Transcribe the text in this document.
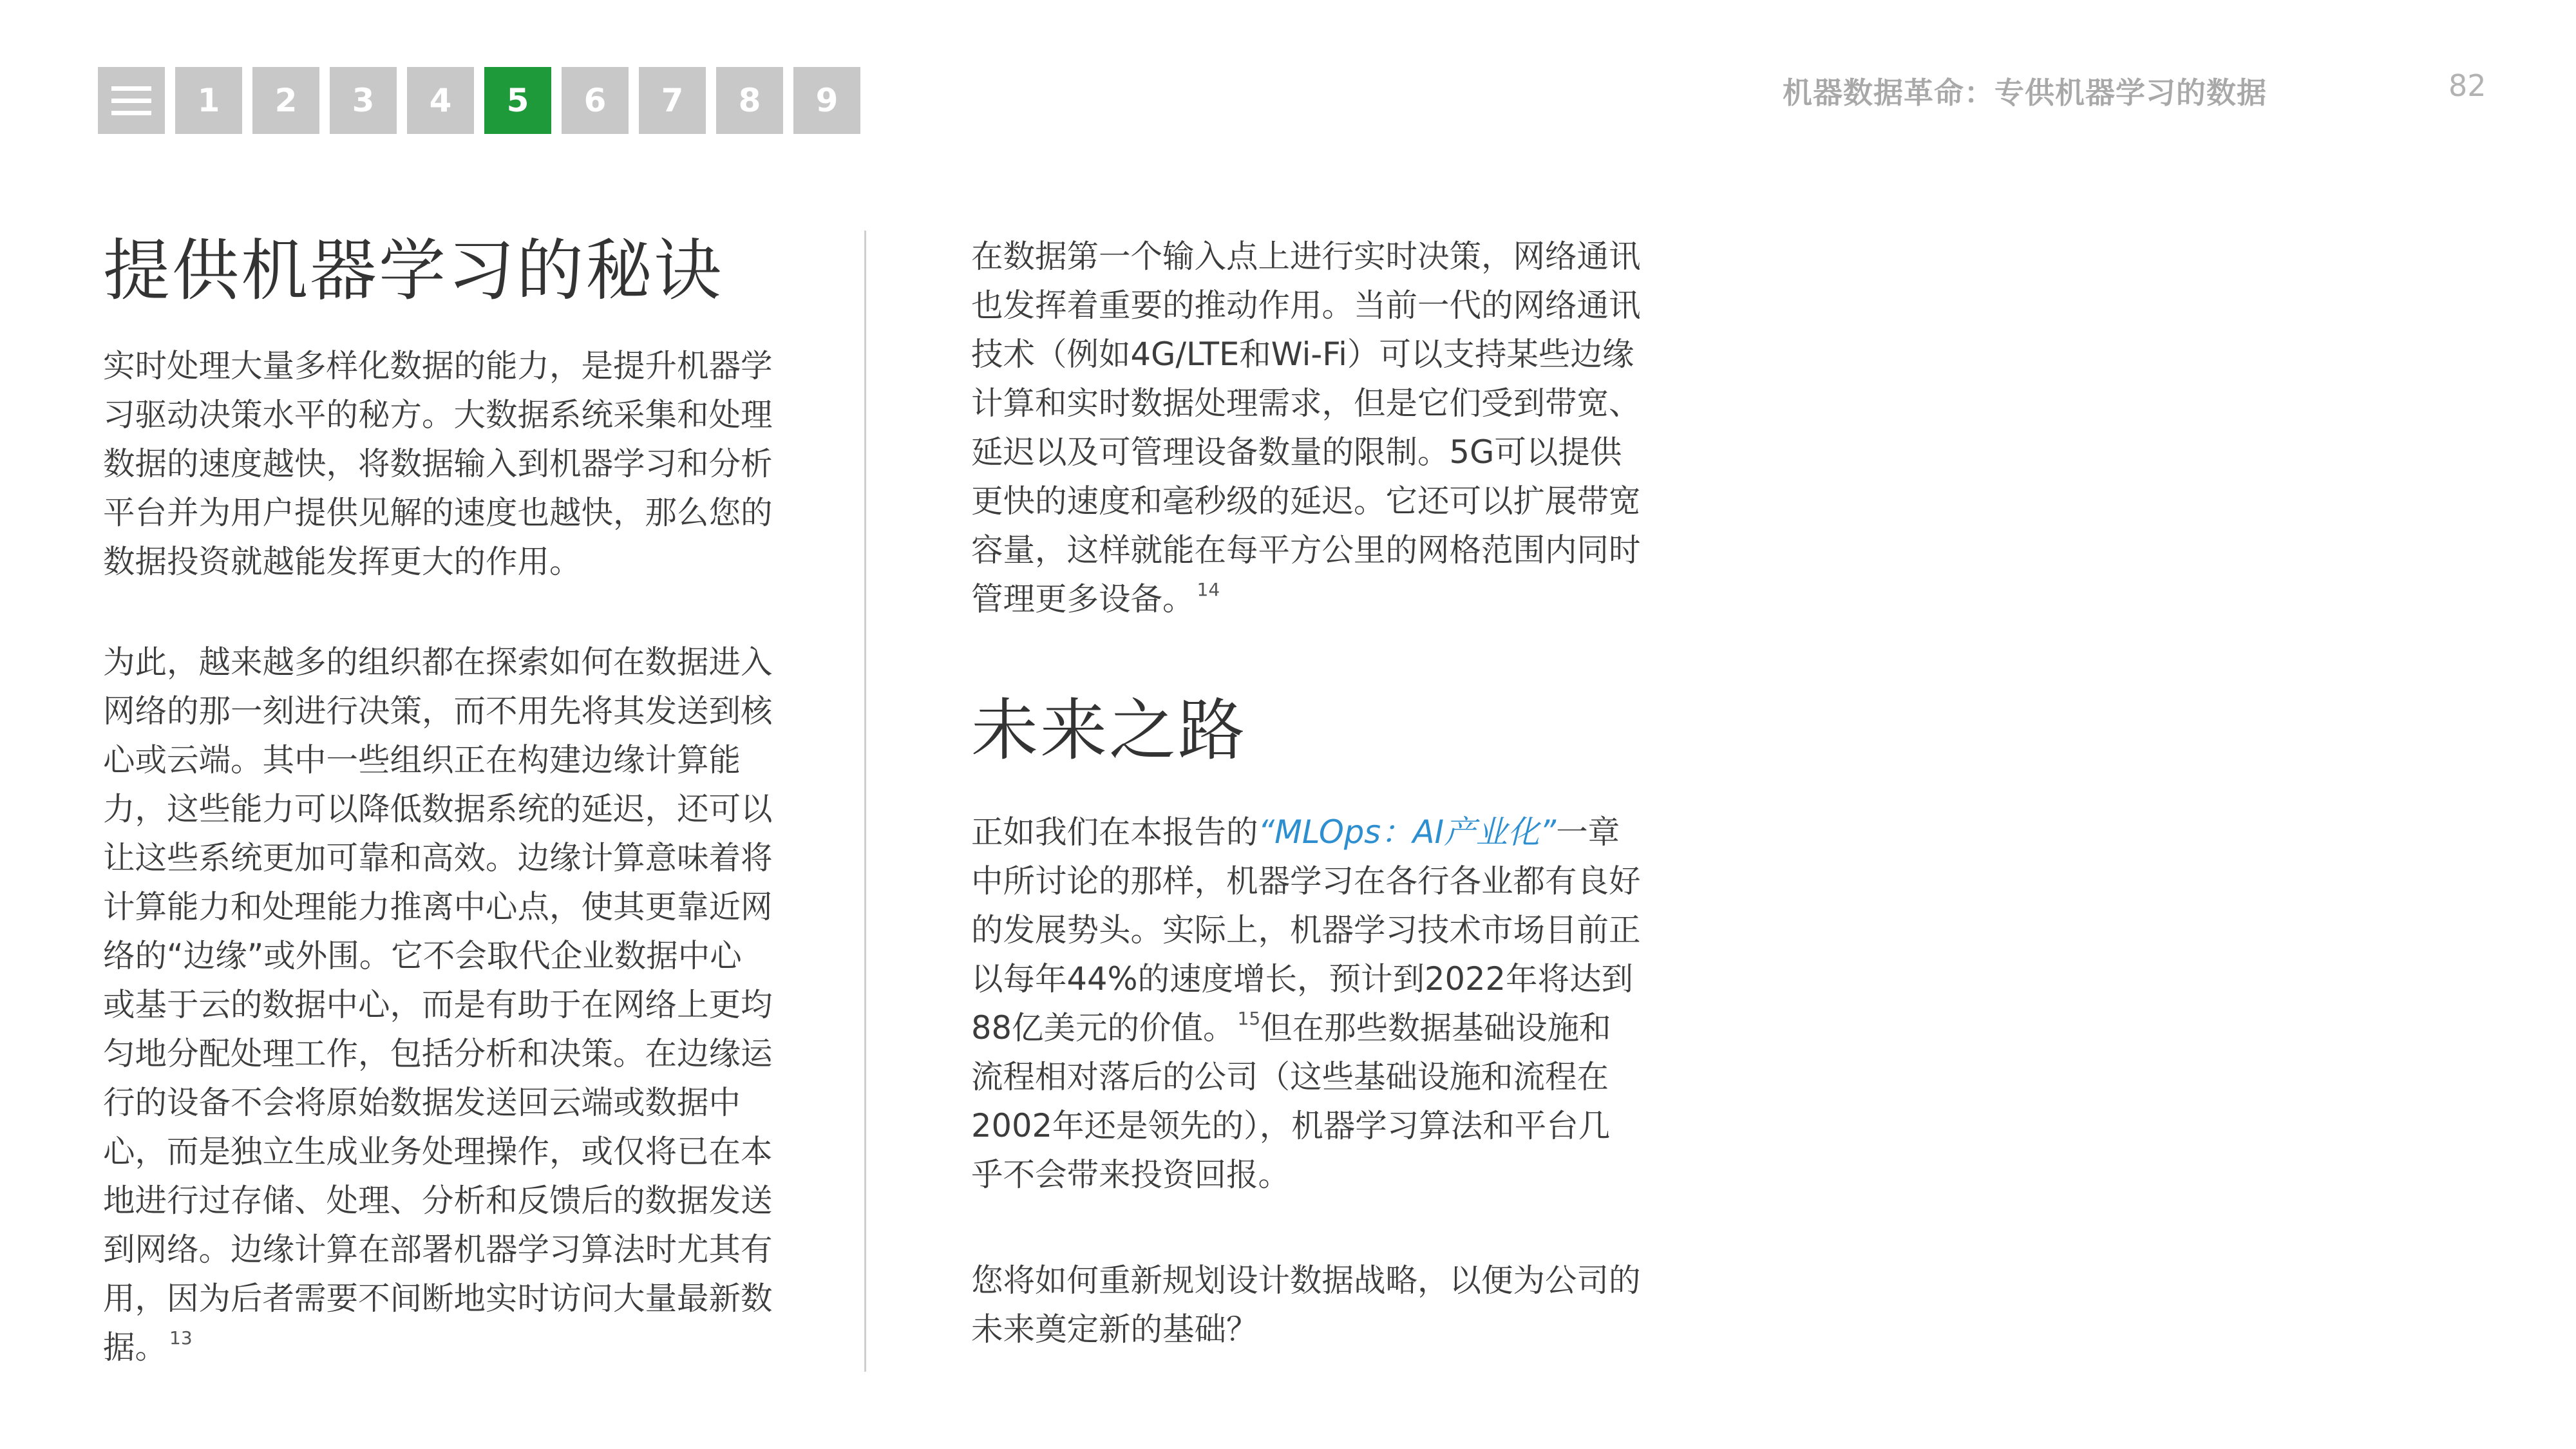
1	2	3	4	5	6	7	8	9	机器数据革命：专供机器学习的数据	82
提供机器学习的秘诀

实时处理大量多样化数据的能力，是提升机器学习驱动决策水平的秘方。大数据系统采集和处理数据的速度越快，将数据输入到机器学习和分析平台并为用户提供见解的速度也越快，那么您的数据投资就越能发挥更大的作用。

为此，越来越多的组织都在探索如何在数据进入网络的那一刻进行决策，而不用先将其发送到核心或云端。其中一些组织正在构建边缘计算能力，这些能力可以降低数据系统的延迟，还可以让这些系统更加可靠和高效。边缘计算意味着将计算能力和处理能力推离中心点，使其更靠近网络的“边缘”或外围。它不会取代企业数据中心或基于云的数据中心，而是有助于在网络上更均匀地分配处理工作，包括分析和决策。在边缘运行的设备不会将原始数据发送回云端或数据中心，而是独立生成业务处理操作，或仅将已在本地进行过存储、处理、分析和反馈后的数据发送到网络。边缘计算在部署机器学习算法时尤其有用，因为后者需要不间断地实时访问大量最新数据。 $^{13}$

在数据第一个输入点上进行实时决策，网络通讯也发挥着重要的推动作用。当前一代的网络通讯技术（例如4G/LTE和Wi-Fi）可以支持某些边缘计算和实时数据处理需求，但是它们受到带宽、延迟以及可管理设备数量的限制。5G可以提供更快的速度和毫秒级的延迟。它还可以扩展带宽容量，这样就能在每平方公里的网格范围内同时管理更多设备。 $^{14}$

未来之路

正如我们在本报告的“MLOps：AI产业化”一章中所讨论的那样，机器学习在各行各业都有良好的发展势头。实际上，机器学习技术市场目前正以每年44%的速度增长，预计到2022年将达到88亿美元的价值。 $^{15}$但在那些数据基础设施和流程相对落后的公司（这些基础设施和流程在2002年还是领先的），机器学习算法和平台几乎不会带来投资回报。

您将如何重新规划设计数据战略，以便为公司的未来奠定新的基础？
